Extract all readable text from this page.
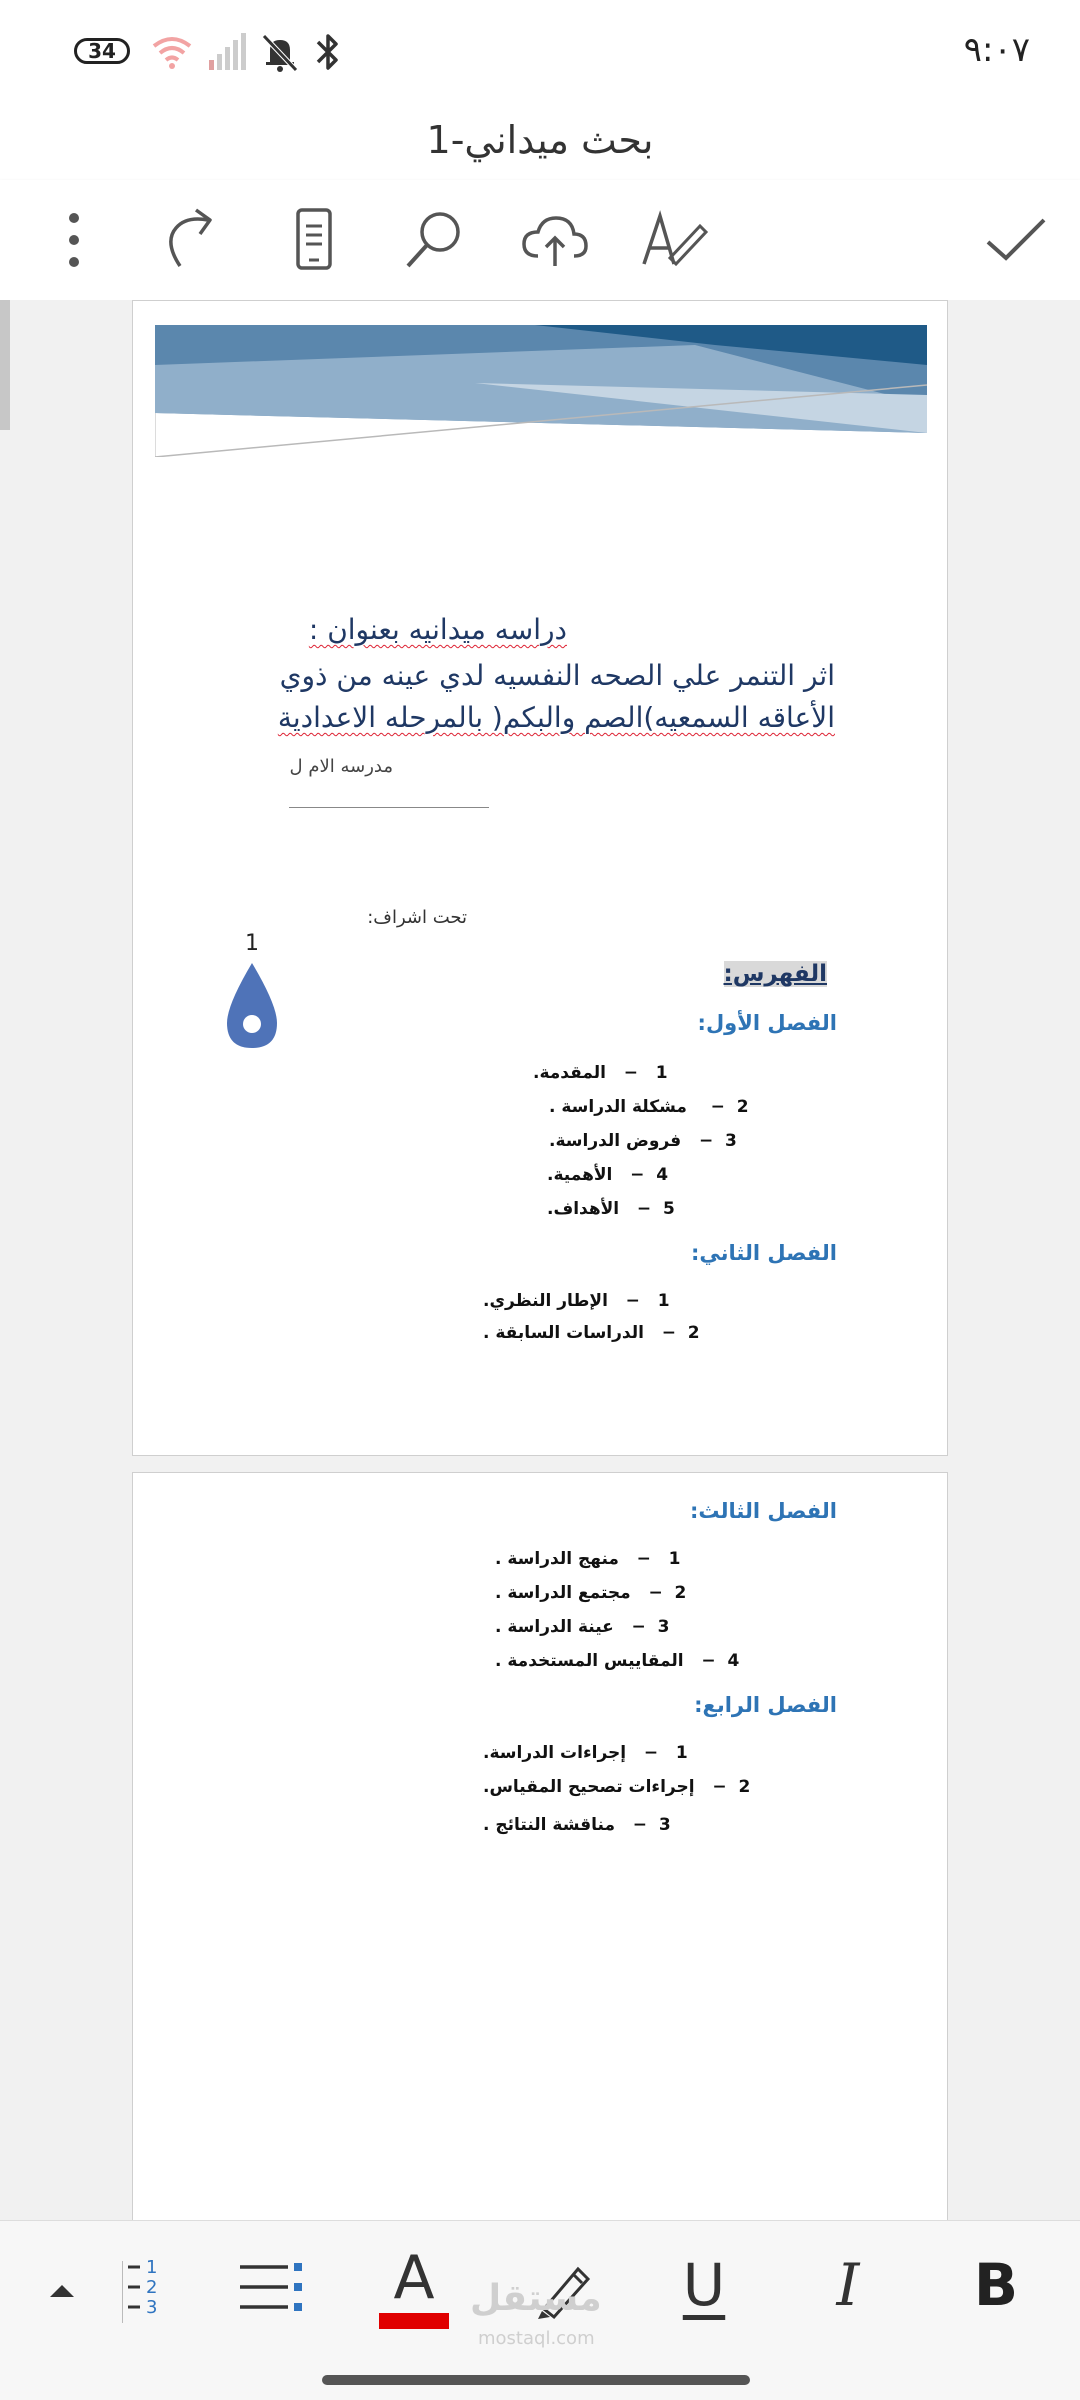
34	٩:٠٧
بحث ميداني-1
دراسه ميدانيه بعنوان :
اثر التنمر علي الصحه النفسيه لدي عينه من ذوي
الأعاقه السمعيه)الصم والبكم( بالمرحله الاعدادية
مدرسه الام ل
تحت اشراف:
1
الفهرس:
الفصل الأول:
1   −   المقدمة.
2  −    مشكلة الدراسة .
3  −   فروض الدراسة.
4  −   الأهمية.
5  −   الأهداف.
الفصل الثاني:
1   −   الإطار النظري.
2  −   الدراسات السابقة .
الفصل الثالث:
1   −   منهج الدراسة .
2  −   مجتمع الدراسة .
3  −   عينة الدراسة .
4  −   المقاييس المستخدمة .
الفصل الرابع:
1   −   إجراءات الدراسة.
2  −   إجراءات تصحيح المقياس.
3  −   مناقشة النتائج .
1
2
3	A	U	I	B
مستقل
mostaql.com
